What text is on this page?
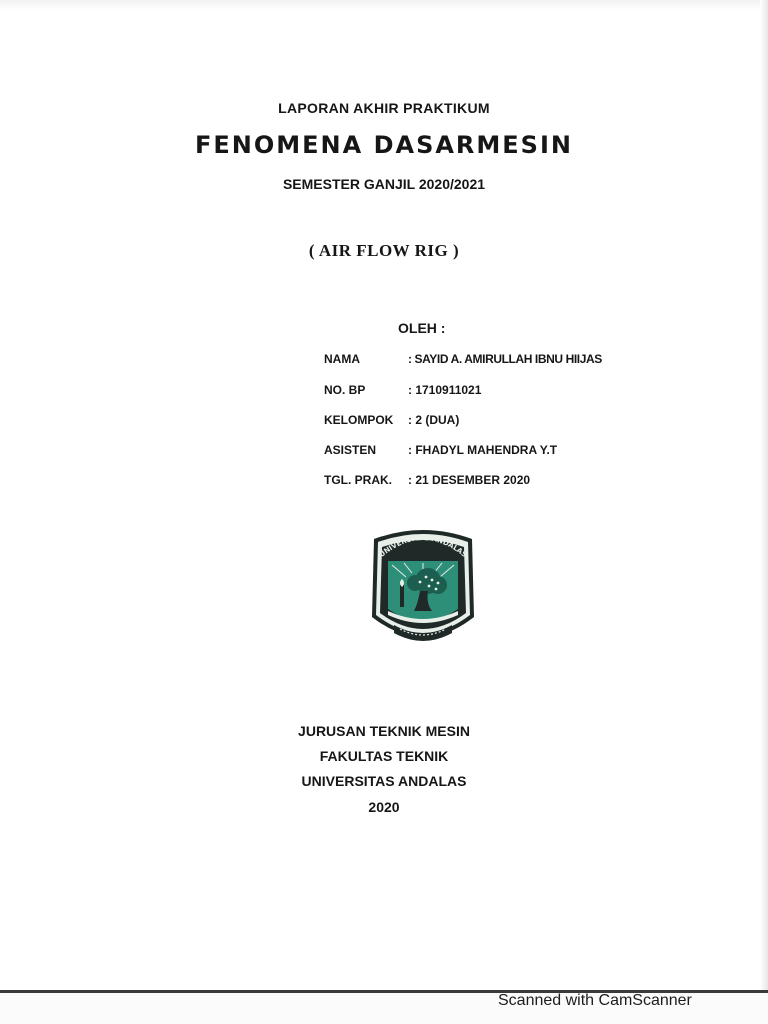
LAPORAN AKHIR PRAKTIKUM
FENOMENA DASARMESIN
SEMESTER GANJIL 2020/2021
( AIR FLOW RIG )
OLEH :
NAMA	: SAYID A. AMIRULLAH IBNU HIIJAS
NO. BP	: 1710911021
KELOMPOK : 2 (DUA)
ASISTEN	: FHADYL MAHENDRA Y.T
TGL. PRAK. : 21 DESEMBER 2020
UNIVERSITAS ANDALAS
JURUSAN TEKNIK MESIN
FAKULTAS TEKNIK
UNIVERSITAS ANDALAS
2020
Scanned with CamScanner
